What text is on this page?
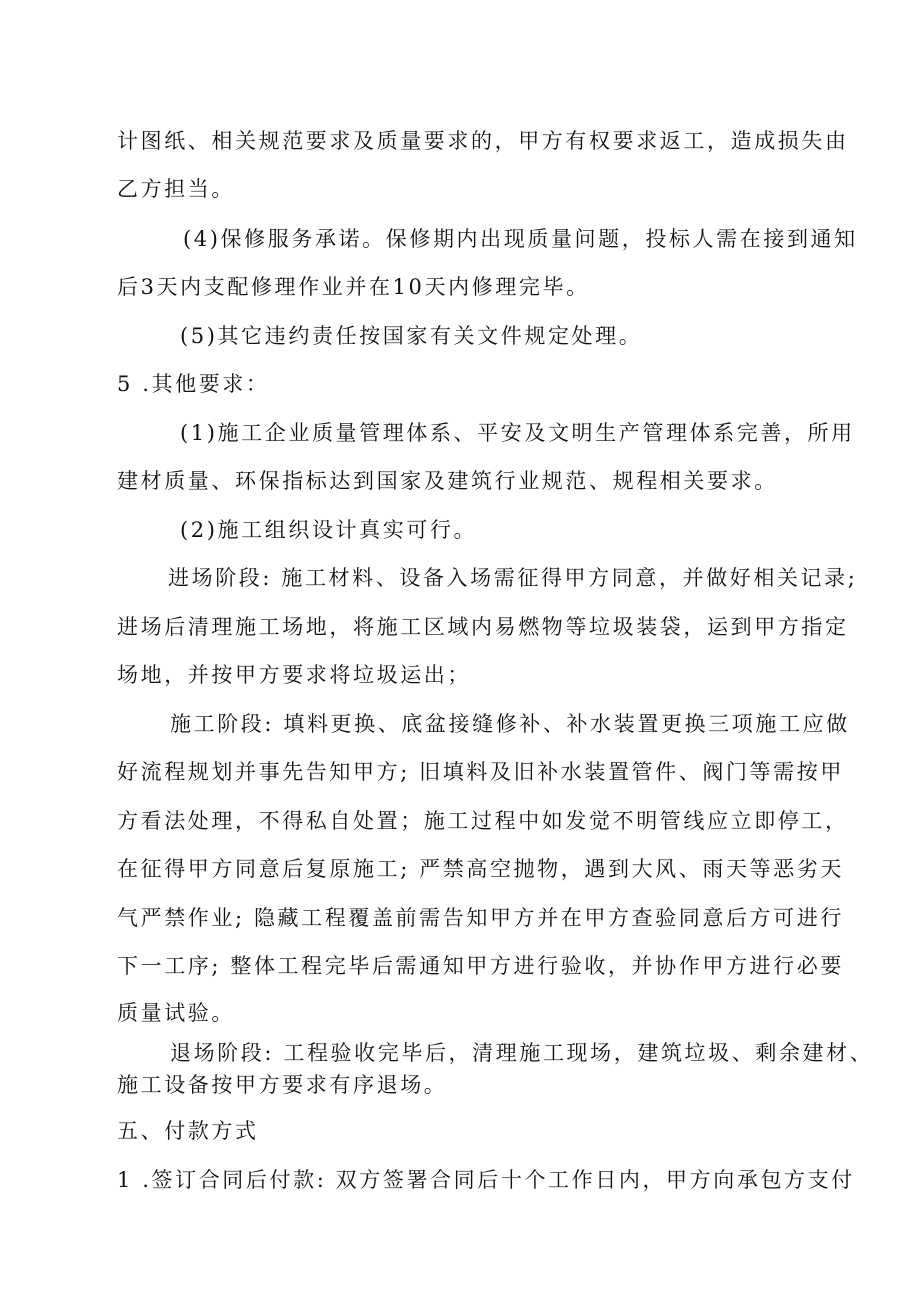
计图纸、相关规范要求及质量要求的，甲方有权要求返工，造成损失由

乙方担当。

(4)保修服务承诺。保修期内出现质量问题，投标人需在接到通知

后3天内支配修理作业并在10天内修理完毕。

(5)其它违约责任按国家有关文件规定处理。

5 .其他要求：

(1)施工企业质量管理体系、平安及文明生产管理体系完善，所用

建材质量、环保指标达到国家及建筑行业规范、规程相关要求。

(2)施工组织设计真实可行。

进场阶段: 施工材料、设备入场需征得甲方同意，并做好相关记录;

进场后清理施工场地，将施工区域内易燃物等垃圾装袋，运到甲方指定

场地，并按甲方要求将垃圾运出；

施工阶段: 填料更换、底盆接缝修补、补水装置更换三项施工应做

好流程规划并事先告知甲方; 旧填料及旧补水装置管件、阀门等需按甲

方看法处理，不得私自处置；施工过程中如发觉不明管线应立即停工，

在征得甲方同意后复原施工; 严禁高空抛物，遇到大风、雨天等恶劣天

气严禁作业; 隐藏工程覆盖前需告知甲方并在甲方查验同意后方可进行

下一工序; 整体工程完毕后需通知甲方进行验收，并协作甲方进行必要

质量试验。

退场阶段: 工程验收完毕后，清理施工现场，建筑垃圾、剩余建材、

施工设备按甲方要求有序退场。

五、付款方式

1 .签订合同后付款: 双方签署合同后十个工作日内，甲方向承包方支付
